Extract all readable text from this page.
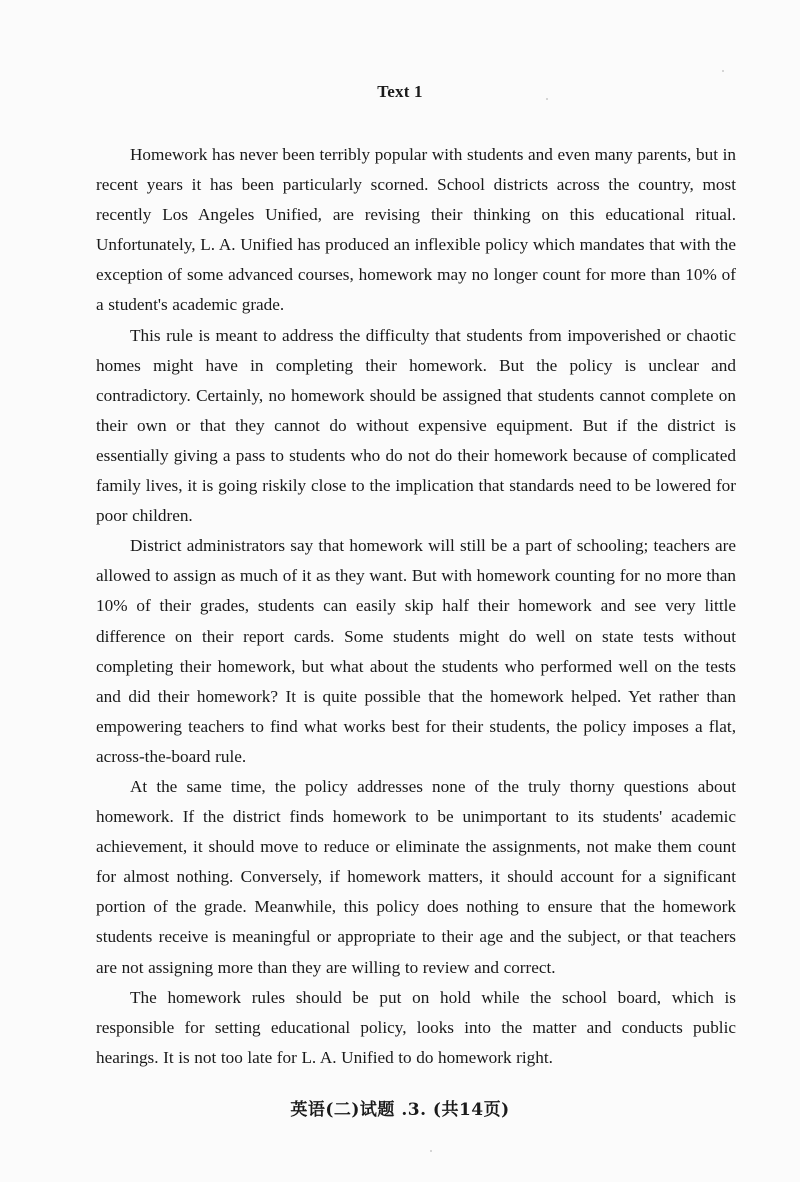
Text 1

Homework has never been terribly popular with students and even many parents, but in recent years it has been particularly scorned. School districts across the country, most recently Los Angeles Unified, are revising their thinking on this educational ritual. Unfortunately, L. A. Unified has produced an inflexible policy which mandates that with the exception of some advanced courses, homework may no longer count for more than 10% of a student's academic grade.

This rule is meant to address the difficulty that students from impoverished or chaotic homes might have in completing their homework. But the policy is unclear and contradictory. Certainly, no homework should be assigned that students cannot complete on their own or that they cannot do without expensive equipment. But if the district is essentially giving a pass to students who do not do their homework because of complicated family lives, it is going riskily close to the implication that standards need to be lowered for poor children.

District administrators say that homework will still be a part of schooling; teachers are allowed to assign as much of it as they want. But with homework counting for no more than 10% of their grades, students can easily skip half their homework and see very little difference on their report cards. Some students might do well on state tests without completing their homework, but what about the students who performed well on the tests and did their homework? It is quite possible that the homework helped. Yet rather than empowering teachers to find what works best for their students, the policy imposes a flat, across-the-board rule.

At the same time, the policy addresses none of the truly thorny questions about homework. If the district finds homework to be unimportant to its students' academic achievement, it should move to reduce or eliminate the assignments, not make them count for almost nothing. Conversely, if homework matters, it should account for a significant portion of the grade. Meanwhile, this policy does nothing to ensure that the homework students receive is meaningful or appropriate to their age and the subject, or that teachers are not assigning more than they are willing to review and correct.

The homework rules should be put on hold while the school board, which is responsible for setting educational policy, looks into the matter and conducts public hearings. It is not too late for L. A. Unified to do homework right.

英语(二)试题 .3. (共14页)
